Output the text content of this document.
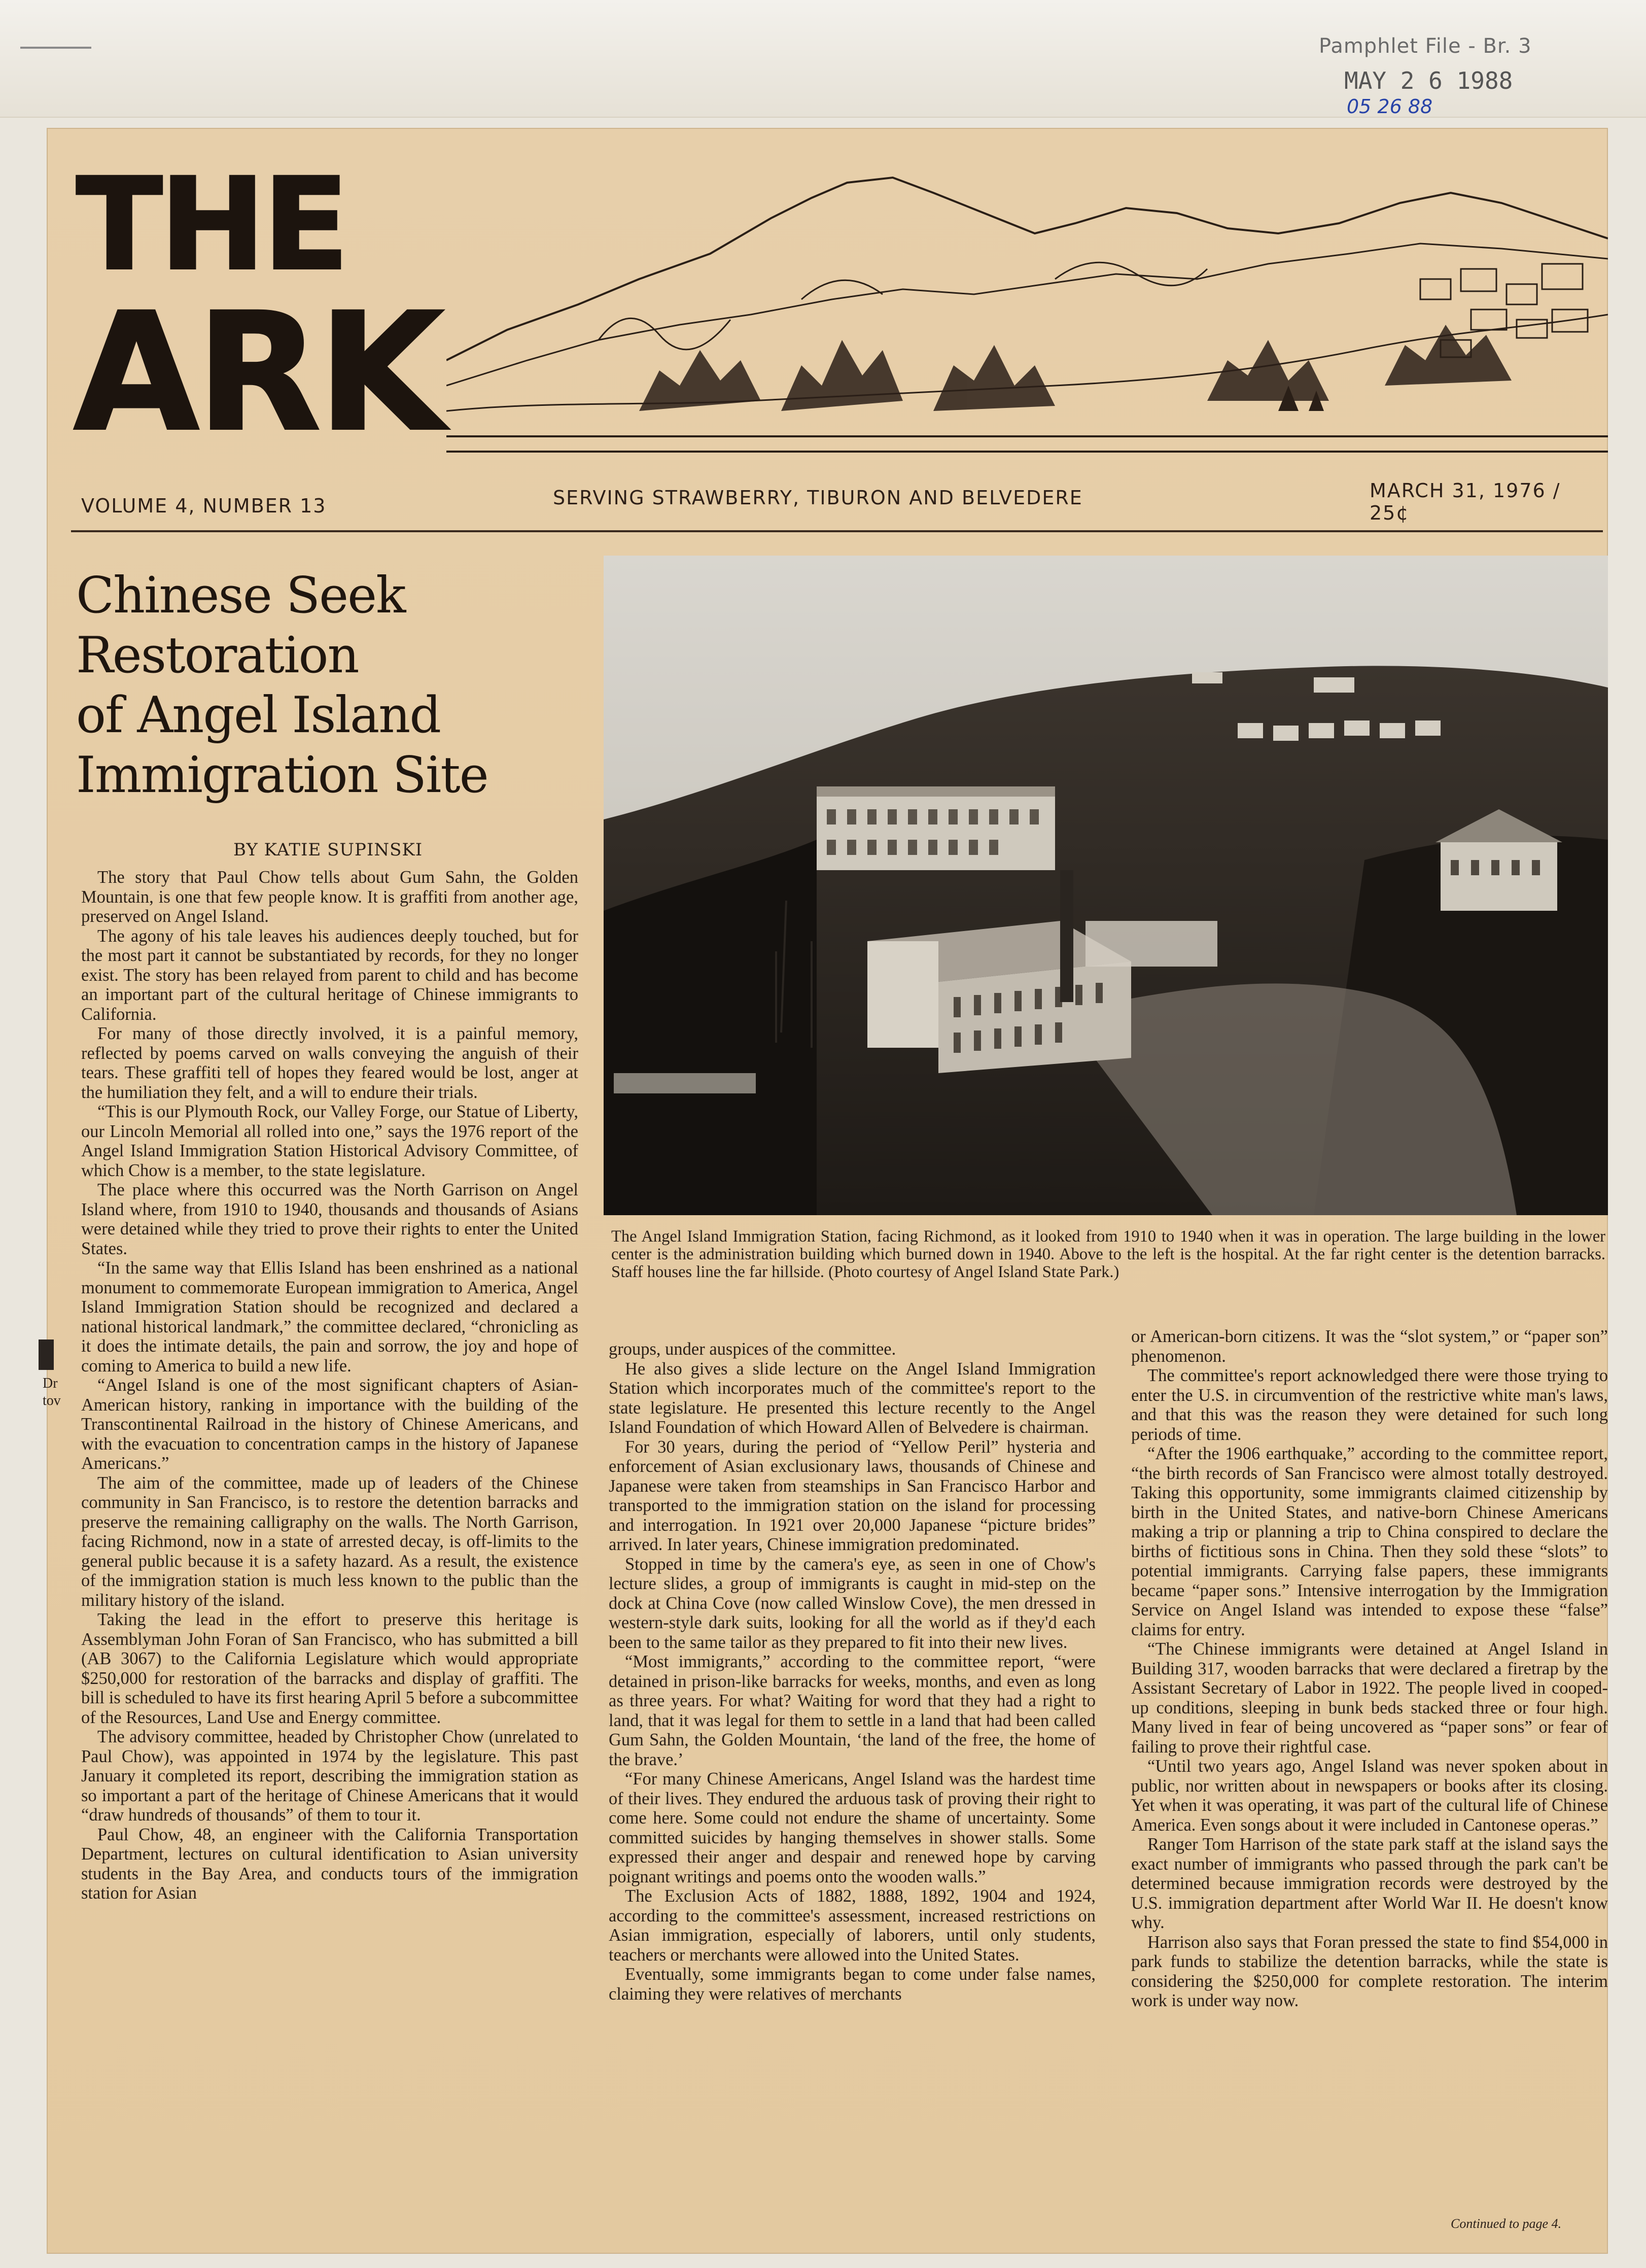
Pamphlet File - Br. 3
MAY 2 6 1988
05 26 88
THE
ARK
VOLUME 4, NUMBER 13	SERVING STRAWBERRY, TIBURON AND BELVEDERE	MARCH 31, 1976 / 25¢
Chinese Seek
Restoration
of Angel Island
Immigration Site
BY KATIE SUPINSKI
The Angel Island Immigration Station, facing Richmond, as it looked from 1910 to 1940 when it was in operation. The large building in the lower center is the administration building which burned down in 1940. Above to the left is the hospital. At the far right center is the detention barracks. Staff houses line the far hillside. (Photo courtesy of Angel Island State Park.)

The story that Paul Chow tells about Gum Sahn, the Golden Mountain, is one that few people know. It is graffiti from another age, preserved on Angel Island.

The agony of his tale leaves his audiences deeply touched, but for the most part it cannot be substantiated by records, for they no longer exist. The story has been relayed from parent to child and has become an important part of the cultural heritage of Chinese immigrants to California.

For many of those directly involved, it is a painful memory, reflected by poems carved on walls conveying the anguish of their tears. These graffiti tell of hopes they feared would be lost, anger at the humiliation they felt, and a will to endure their trials.

“This is our Plymouth Rock, our Valley Forge, our Statue of Liberty, our Lincoln Memorial all rolled into one,” says the 1976 report of the Angel Island Immigration Station Historical Advisory Committee, of which Chow is a member, to the state legislature.

The place where this occurred was the North Garrison on Angel Island where, from 1910 to 1940, thousands and thousands of Asians were detained while they tried to prove their rights to enter the United States.

“In the same way that Ellis Island has been enshrined as a national monument to commemorate European immigration to America, Angel Island Immigration Station should be recognized and declared a national historical landmark,” the committee declared, “chronicling as it does the intimate details, the pain and sorrow, the joy and hope of coming to America to build a new life.

“Angel Island is one of the most significant chapters of Asian-American history, ranking in importance with the building of the Transcontinental Railroad in the history of Chinese Americans, and with the evacuation to concentration camps in the history of Japanese Americans.”

The aim of the committee, made up of leaders of the Chinese community in San Francisco, is to restore the detention barracks and preserve the remaining calligraphy on the walls. The North Garrison, facing Richmond, now in a state of arrested decay, is off-limits to the general public because it is a safety hazard. As a result, the existence of the immigration station is much less known to the public than the military history of the island.

Taking the lead in the effort to preserve this heritage is Assemblyman John Foran of San Francisco, who has submitted a bill (AB 3067) to the California Legislature which would appropriate $250,000 for restoration of the barracks and display of graffiti. The bill is scheduled to have its first hearing April 5 before a subcommittee of the Resources, Land Use and Energy committee.

The advisory committee, headed by Christopher Chow (unrelated to Paul Chow), was appointed in 1974 by the legislature. This past January it completed its report, describing the immigration station as so important a part of the heritage of Chinese Americans that it would “draw hundreds of thousands” of them to tour it.

Paul Chow, 48, an engineer with the California Transportation Department, lectures on cultural identification to Asian university students in the Bay Area, and conducts tours of the immigration station for Asian

groups, under auspices of the committee.

He also gives a slide lecture on the Angel Island Immigration Station which incorporates much of the committee's report to the state legislature. He presented this lecture recently to the Angel Island Foundation of which Howard Allen of Belvedere is chairman.

For 30 years, during the period of “Yellow Peril” hysteria and enforcement of Asian exclusionary laws, thousands of Chinese and Japanese were taken from steamships in San Francisco Harbor and transported to the immigration station on the island for processing and interrogation. In 1921 over 20,000 Japanese “picture brides” arrived. In later years, Chinese immigration predominated.

Stopped in time by the camera's eye, as seen in one of Chow's lecture slides, a group of immigrants is caught in mid-step on the dock at China Cove (now called Winslow Cove), the men dressed in western-style dark suits, looking for all the world as if they'd each been to the same tailor as they prepared to fit into their new lives.

“Most immigrants,” according to the committee report, “were detained in prison-like barracks for weeks, months, and even as long as three years. For what? Waiting for word that they had a right to land, that it was legal for them to settle in a land that had been called Gum Sahn, the Golden Mountain, ‘the land of the free, the home of the brave.’

“For many Chinese Americans, Angel Island was the hardest time of their lives. They endured the arduous task of proving their right to come here. Some could not endure the shame of uncertainty. Some committed suicides by hanging themselves in shower stalls. Some expressed their anger and despair and renewed hope by carving poignant writings and poems onto the wooden walls.”

The Exclusion Acts of 1882, 1888, 1892, 1904 and 1924, according to the committee's assessment, increased restrictions on Asian immigration, especially of laborers, until only students, teachers or merchants were allowed into the United States.

Eventually, some immigrants began to come under false names, claiming they were relatives of merchants

or American-born citizens. It was the “slot system,” or “paper son” phenomenon.

The committee's report acknowledged there were those trying to enter the U.S. in circumvention of the restrictive white man's laws, and that this was the reason they were detained for such long periods of time.

“After the 1906 earthquake,” according to the committee report, “the birth records of San Francisco were almost totally destroyed. Taking this opportunity, some immigrants claimed citizenship by birth in the United States, and native-born Chinese Americans making a trip or planning a trip to China conspired to declare the births of fictitious sons in China. Then they sold these “slots” to potential immigrants. Carrying false papers, these immigrants became “paper sons.” Intensive interrogation by the Immigration Service on Angel Island was intended to expose these “false” claims for entry.

“The Chinese immigrants were detained at Angel Island in Building 317, wooden barracks that were declared a firetrap by the Assistant Secretary of Labor in 1922. The people lived in cooped-up conditions, sleeping in bunk beds stacked three or four high. Many lived in fear of being uncovered as “paper sons” or fear of failing to prove their rightful case.

“Until two years ago, Angel Island was never spoken about in public, nor written about in newspapers or books after its closing. Yet when it was operating, it was part of the cultural life of Chinese America. Even songs about it were included in Cantonese operas.”

Ranger Tom Harrison of the state park staff at the island says the exact number of immigrants who passed through the park can't be determined because immigration records were destroyed by the U.S. immigration department after World War II. He doesn't know why.

Harrison also says that Foran pressed the state to find $54,000 in park funds to stabilize the detention barracks, while the state is considering the $250,000 for complete restoration. The interim work is under way now.

Continued to page 4.
Dr
tov
